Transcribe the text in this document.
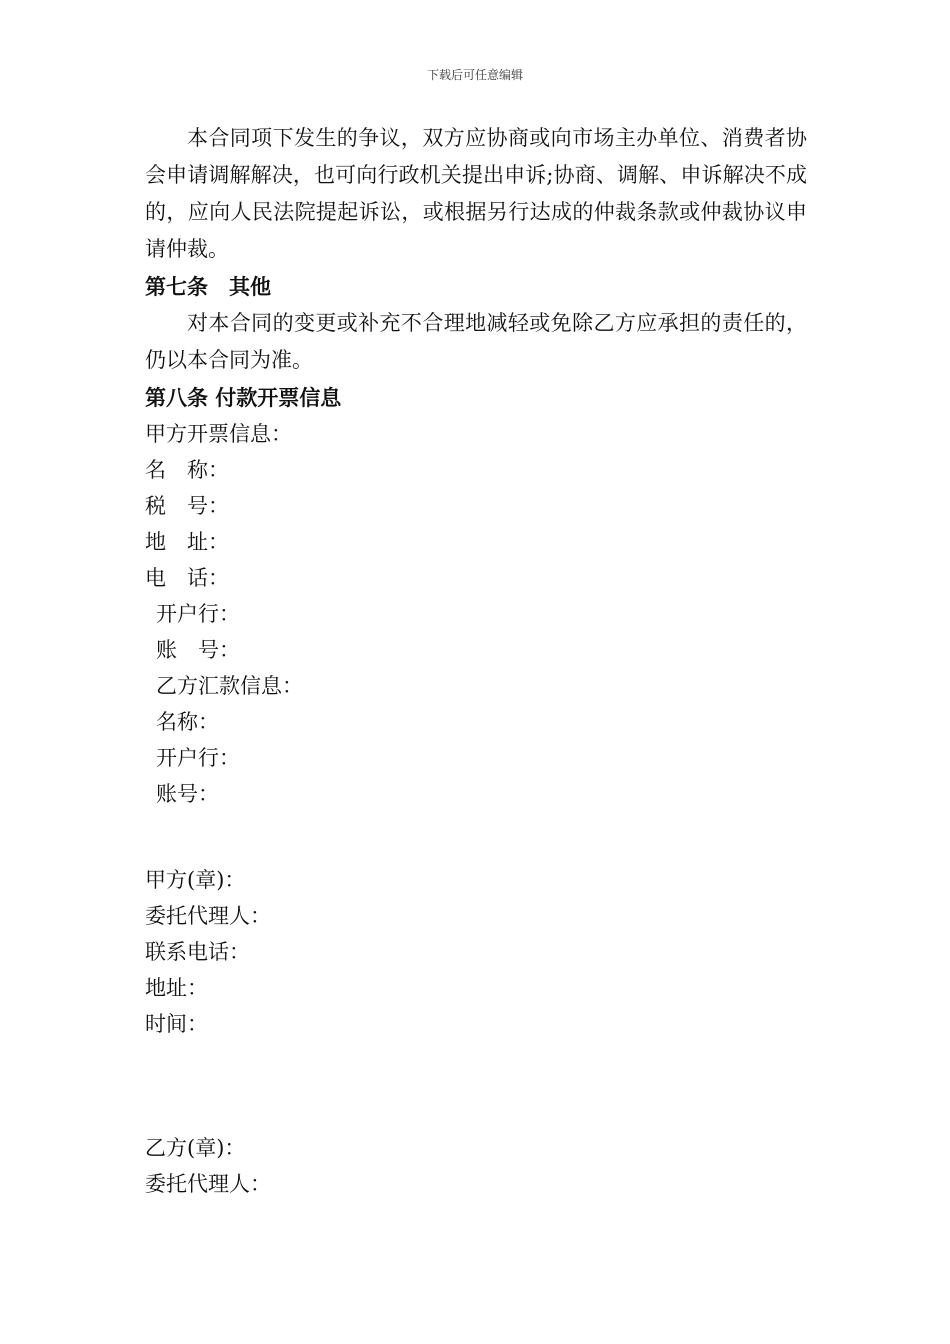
下载后可任意编辑

本合同项下发生的争议，双方应协商或向市场主办单位、消费者协会申请调解解决，也可向行政机关提出申诉;协商、调解、申诉解决不成的，应向人民法院提起诉讼，或根据另行达成的仲裁条款或仲裁协议申请仲裁。

第七条　其他

对本合同的变更或补充不合理地减轻或免除乙方应承担的责任的，仍以本合同为准。

第八条 付款开票信息

甲方开票信息：

名　称：

税　号：

地　址：

电　话：

开户行：

账　号：

乙方汇款信息：

名称：

开户行：

账号：

甲方(章)：

委托代理人：

联系电话：

地址：

时间：

乙方(章)：

委托代理人：
